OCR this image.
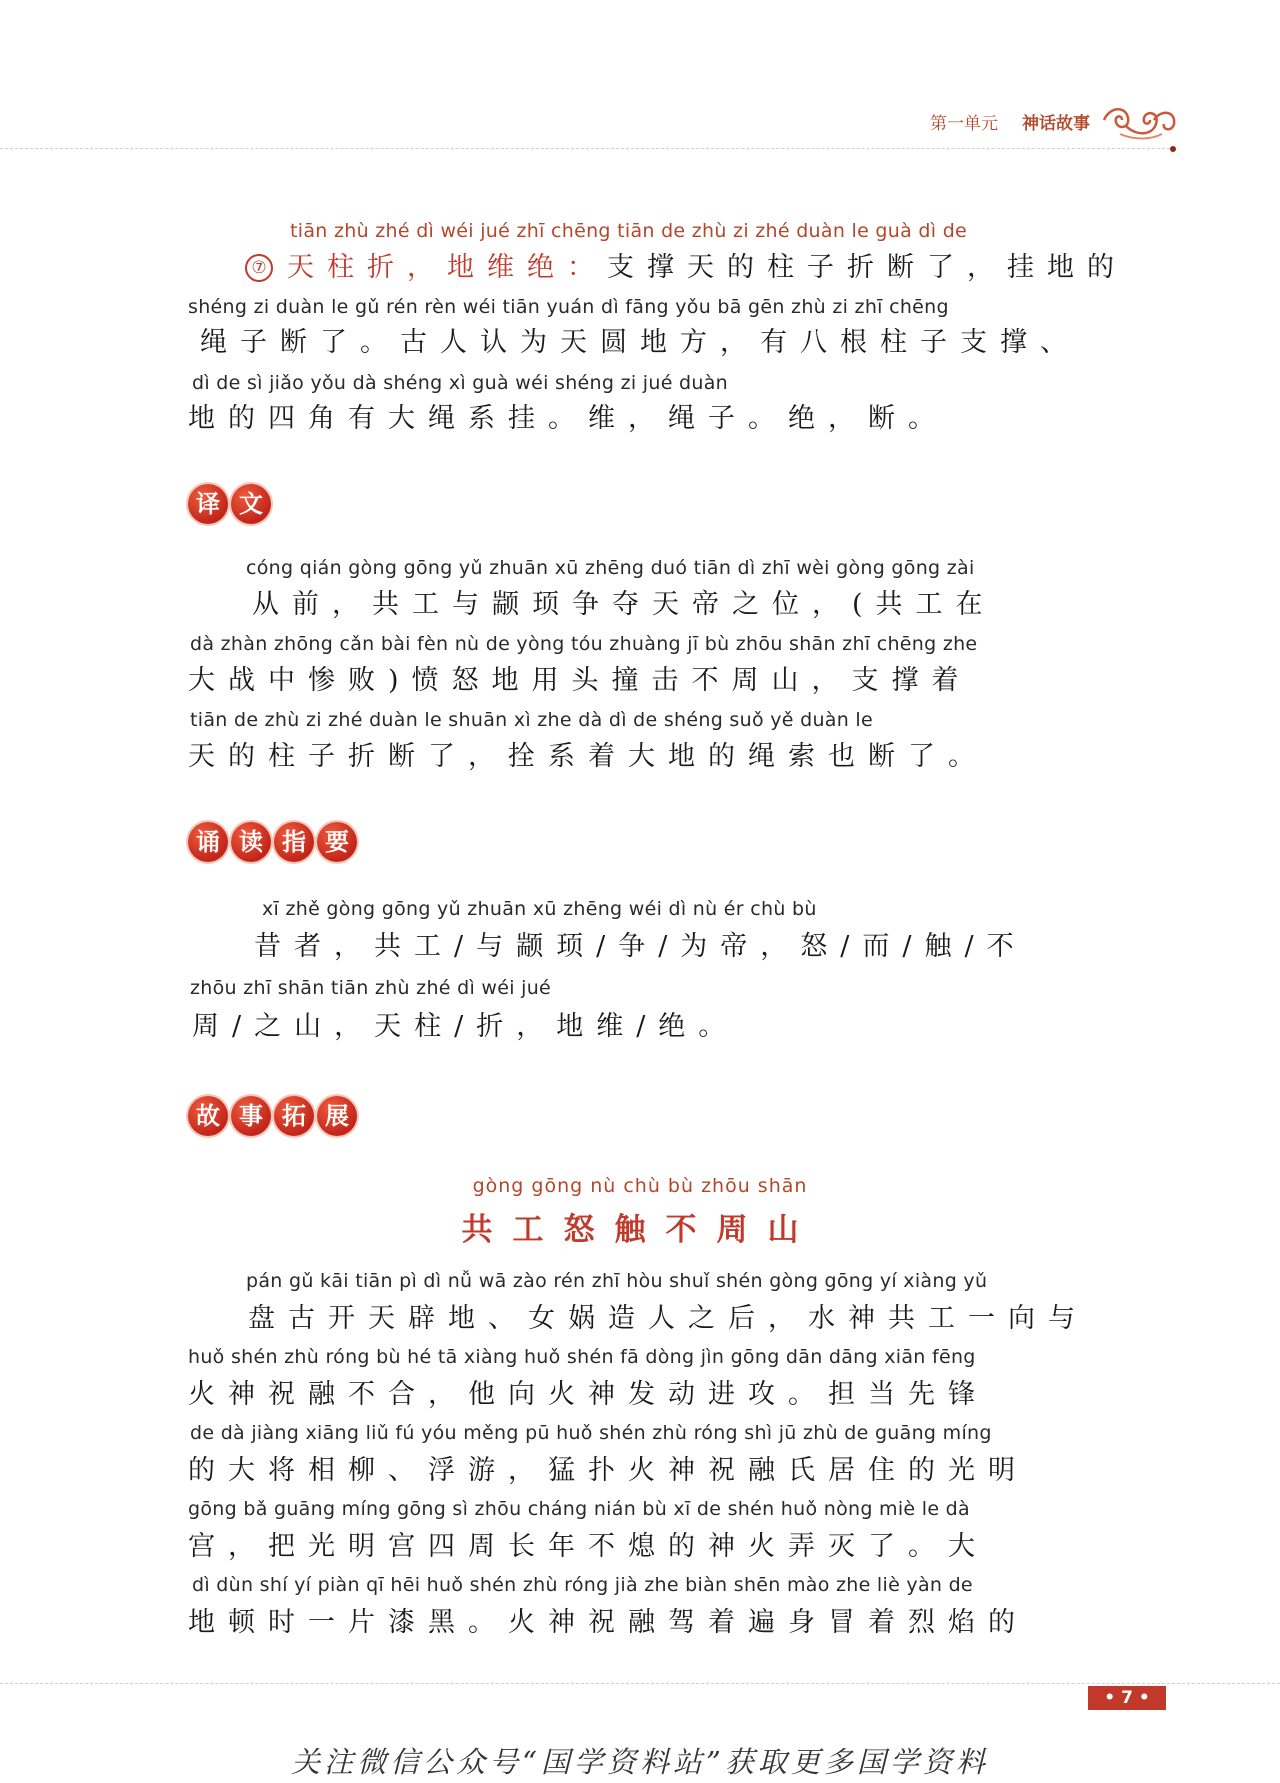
第一单元 神话故事
tiān zhù zhé dì wéi jué zhī chēng tiān de zhù zi zhé duàn le guà dì de
⑦ 天柱折，地维绝：支撑天的柱子折断了，挂地的
shéng zi duàn le gǔ rén rèn wéi tiān yuán dì fāng yǒu bā gēn zhù zi zhī chēng
绳子断了。古人认为天圆地方，有八根柱子支撑、
dì de sì jiǎo yǒu dà shéng xì guà wéi shéng zi jué duàn
地的四角有大绳系挂。维，绳子。绝，断。
译 文
cóng qián gòng gōng yǔ zhuān xū zhēng duó tiān dì zhī wèi gòng gōng zài
从前，共工与颛顼争夺天帝之位，(共工在
dà zhàn zhōng cǎn bài fèn nù de yòng tóu zhuàng jī bù zhōu shān zhī chēng zhe
大战中惨败)愤怒地用头撞击不周山，支撑着
tiān de zhù zi zhé duàn le shuān xì zhe dà dì de shéng suǒ yě duàn le
天的柱子折断了，拴系着大地的绳索也断了。
诵 读 指 要
xī zhě gòng gōng yǔ zhuān xū zhēng wéi dì nù ér chù bù
昔者，共工/与颛顼/争/为帝，怒/而/触/不
zhōu zhī shān tiān zhù zhé dì wéi jué
周/之山，天柱/折，地维/绝。
故 事 拓 展
gòng gōng nù chù bù zhōu shān
共工怒触不周山
pán gǔ kāi tiān pì dì nǚ wā zào rén zhī hòu shuǐ shén gòng gōng yí xiàng yǔ
盘古开天辟地、女娲造人之后，水神共工一向与
huǒ shén zhù róng bù hé tā xiàng huǒ shén fā dòng jìn gōng dān dāng xiān fēng
火神祝融不合，他向火神发动进攻。担当先锋
de dà jiàng xiāng liǔ fú yóu měng pū huǒ shén zhù róng shì jū zhù de guāng míng
的大将相柳、浮游，猛扑火神祝融氏居住的光明
gōng bǎ guāng míng gōng sì zhōu cháng nián bù xī de shén huǒ nòng miè le dà
宫，把光明宫四周长年不熄的神火弄灭了。大
dì dùn shí yí piàn qī hēi huǒ shén zhù róng jià zhe biàn shēn mào zhe liè yàn de
地顿时一片漆黑。火神祝融驾着遍身冒着烈焰的
• 7 •
关注微信公众号“国学资料站”获取更多国学资料
